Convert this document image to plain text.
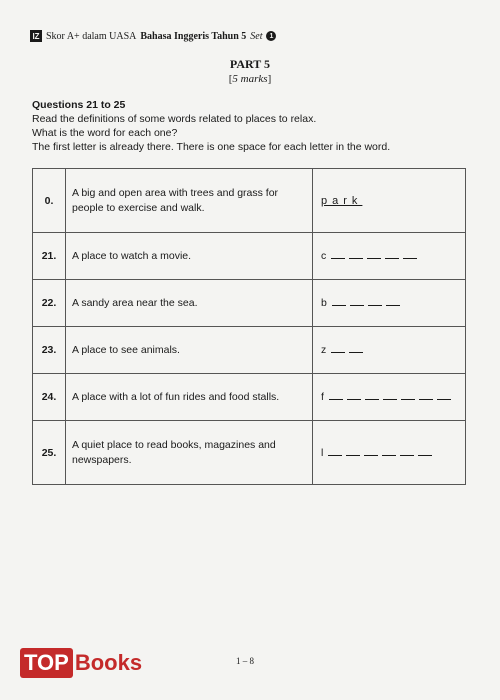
IZ Skor A+ dalam UASA Bahasa Inggeris Tahun 5 Set	1
PART 5
[5 marks]
Questions 21 to 25
Read the definitions of some words related to places to relax.
What is the word for each one?
The first letter is already there. There is one space for each letter in the word.
0.	A big and open area with trees and grass for people to exercise and walk.	park
21.	A place to watch a movie.	c
22.	A sandy area near the sea.	b
23.	A place to see animals.	z
24.	A place with a lot of fun rides and food stalls.	f
25.	A quiet place to read books, magazines and newspapers.	l
TOP Books	1 – 8
